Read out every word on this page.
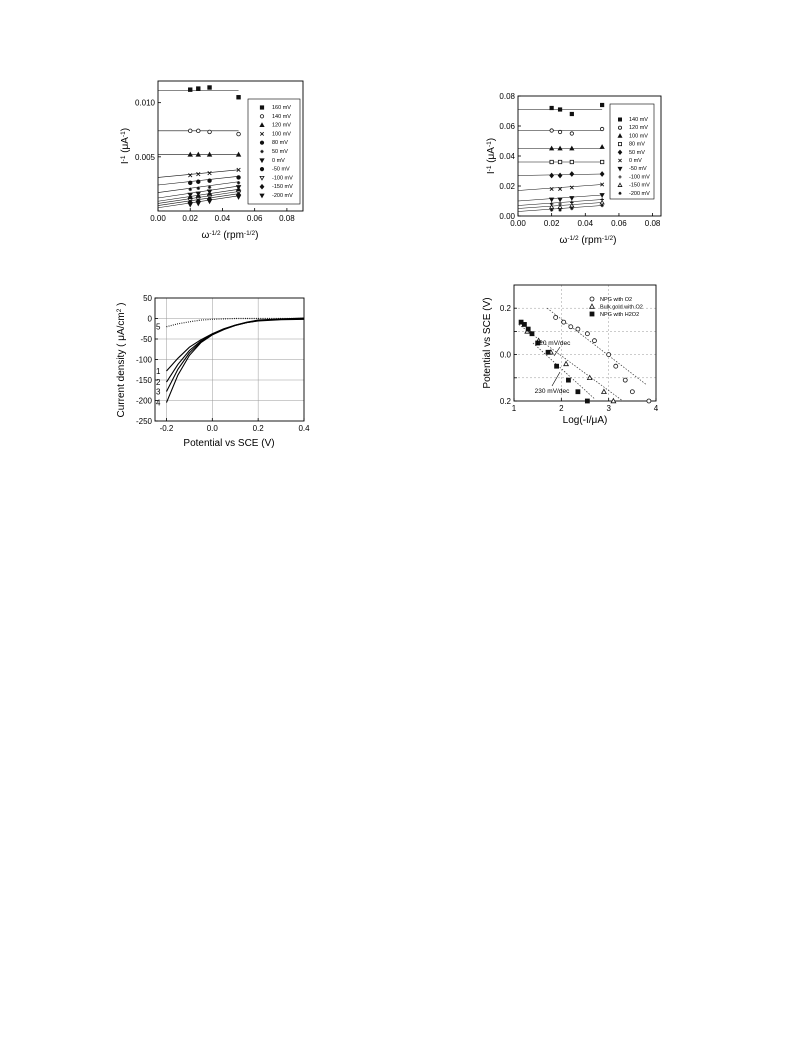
0.00 0.02 0.04 0.06 0.08
0.005
0.010
160 mV
140 mV
120 mV
100 mV
80 mV
50 mV
0 mV
-50 mV
-100 mV
-150 mV
-200 mV
$\omega^{-1/2}$ (rpm$^{-1/2}$)
$I^{-1}$ $(\mu A^{-1})$
0.00 0.02 0.04 0.06 0.08
0.00
0.02
0.04
0.06
0.08
140 mV
120 mV
100 mV
80 mV
50 mV
0 mV
-50 mV
-100 mV
-150 mV
-200 mV
$\omega^{-1/2}$ (rpm$^{-1/2}$)
$I^{-1}$ $(\mu A^{-1})$
-0.2	0.0	0.2	0.4
-250
-200
-150
-100
-50
0
50
1
2
3
4
5
Potential vs SCE (V)
Current density ( $\mu A/cm^2$ )
1	2	3	4
0.2
0.0
0.2
NPG with O2
Bulk gold with O2
NPG with H2O2
120 mV/dec
230 mV/dec
Log(-I/μA)
Potential vs SCE (V)
